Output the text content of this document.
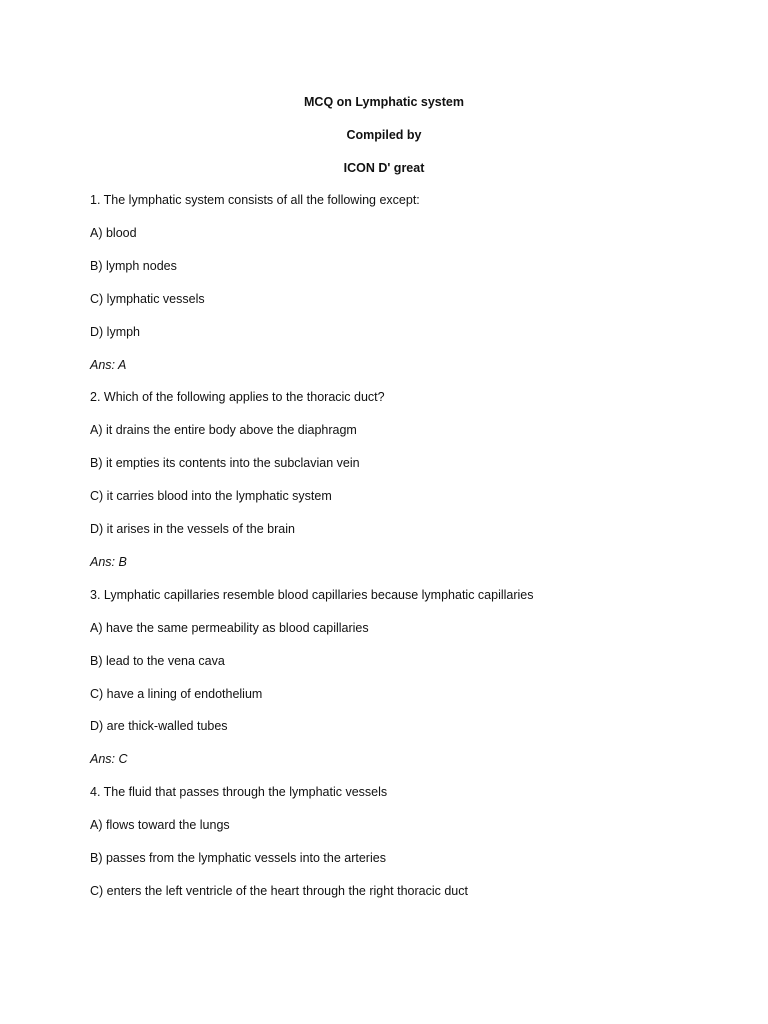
MCQ on Lymphatic system
Compiled by
ICON D' great
1. The lymphatic system consists of all the following except:
A) blood
B) lymph nodes
C) lymphatic vessels
D) lymph
Ans: A
2. Which of the following applies to the thoracic duct?
A) it drains the entire body above the diaphragm
B) it empties its contents into the subclavian vein
C) it carries blood into the lymphatic system
D) it arises in the vessels of the brain
Ans: B
3. Lymphatic capillaries resemble blood capillaries because lymphatic capillaries
A) have the same permeability as blood capillaries
B) lead to the vena cava
C) have a lining of endothelium
D) are thick-walled tubes
Ans: C
4. The fluid that passes through the lymphatic vessels
A) flows toward the lungs
B) passes from the lymphatic vessels into the arteries
C) enters the left ventricle of the heart through the right thoracic duct
